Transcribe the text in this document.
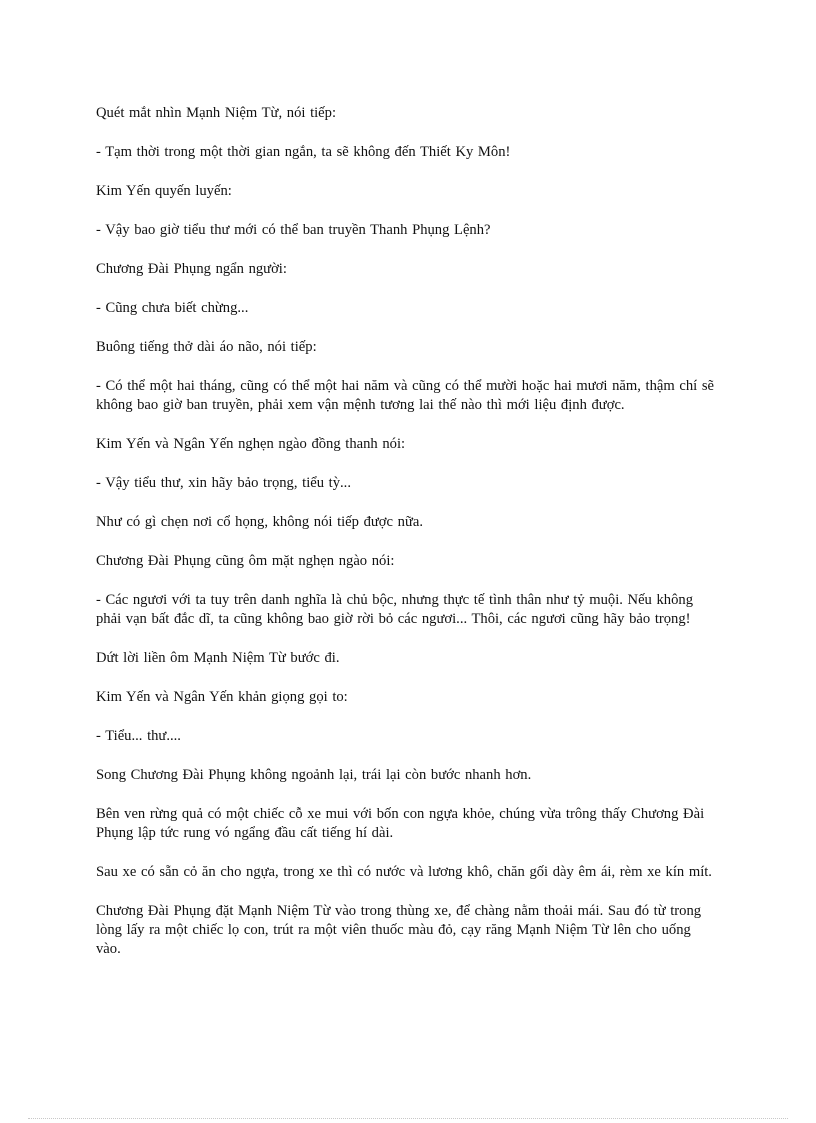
Quét mắt nhìn Mạnh Niệm Từ, nói tiếp:

- Tạm thời trong một thời gian ngắn, ta sẽ không đến Thiết Ky Môn!

Kim Yến quyến luyến:

- Vậy bao giờ tiểu thư mới có thể ban truyền Thanh Phụng Lệnh?

Chương Đài Phụng ngẩn người:

- Cũng chưa biết chừng...

Buông tiếng thở dài áo não, nói tiếp:

- Có thể một hai tháng, cũng có thể một hai năm và cũng có thể mười hoặc hai mươi năm, thậm chí sẽ không bao giờ ban truyền, phải xem vận mệnh tương lai thế nào thì mới liệu định được.

Kim Yến và Ngân Yến nghẹn ngào đồng thanh nói:

- Vậy tiểu thư, xin hãy bảo trọng, tiểu tỳ...

Như có gì chẹn nơi cổ họng, không nói tiếp được nữa.

Chương Đài Phụng cũng ôm mặt nghẹn ngào nói:

- Các ngươi với ta tuy trên danh nghĩa là chủ bộc, nhưng thực tế tình thân như tỷ muội. Nếu không phải vạn bất đắc dĩ, ta cũng không bao giờ rời bỏ các ngươi... Thôi, các ngươi cũng hãy bảo trọng!

Dứt lời liền ôm Mạnh Niệm Từ bước đi.

Kim Yến và Ngân Yến khản giọng gọi to:

- Tiểu... thư....

Song Chương Đài Phụng không ngoảnh lại, trái lại còn bước nhanh hơn.

Bên ven rừng quả có một chiếc cỗ xe mui với bốn con ngựa khỏe, chúng vừa trông thấy Chương Đài Phụng lập tức rung vó ngẩng đầu cất tiếng hí dài.

Sau xe có sẵn cỏ ăn cho ngựa, trong xe thì có nước và lương khô, chăn gối dày êm ái, rèm xe kín mít.

Chương Đài Phụng đặt Mạnh Niệm Từ vào trong thùng xe, để chàng nằm thoải mái. Sau đó từ trong lòng lấy ra một chiếc lọ con, trút ra một viên thuốc màu đỏ, cạy răng Mạnh Niệm Từ lên cho uống vào.
